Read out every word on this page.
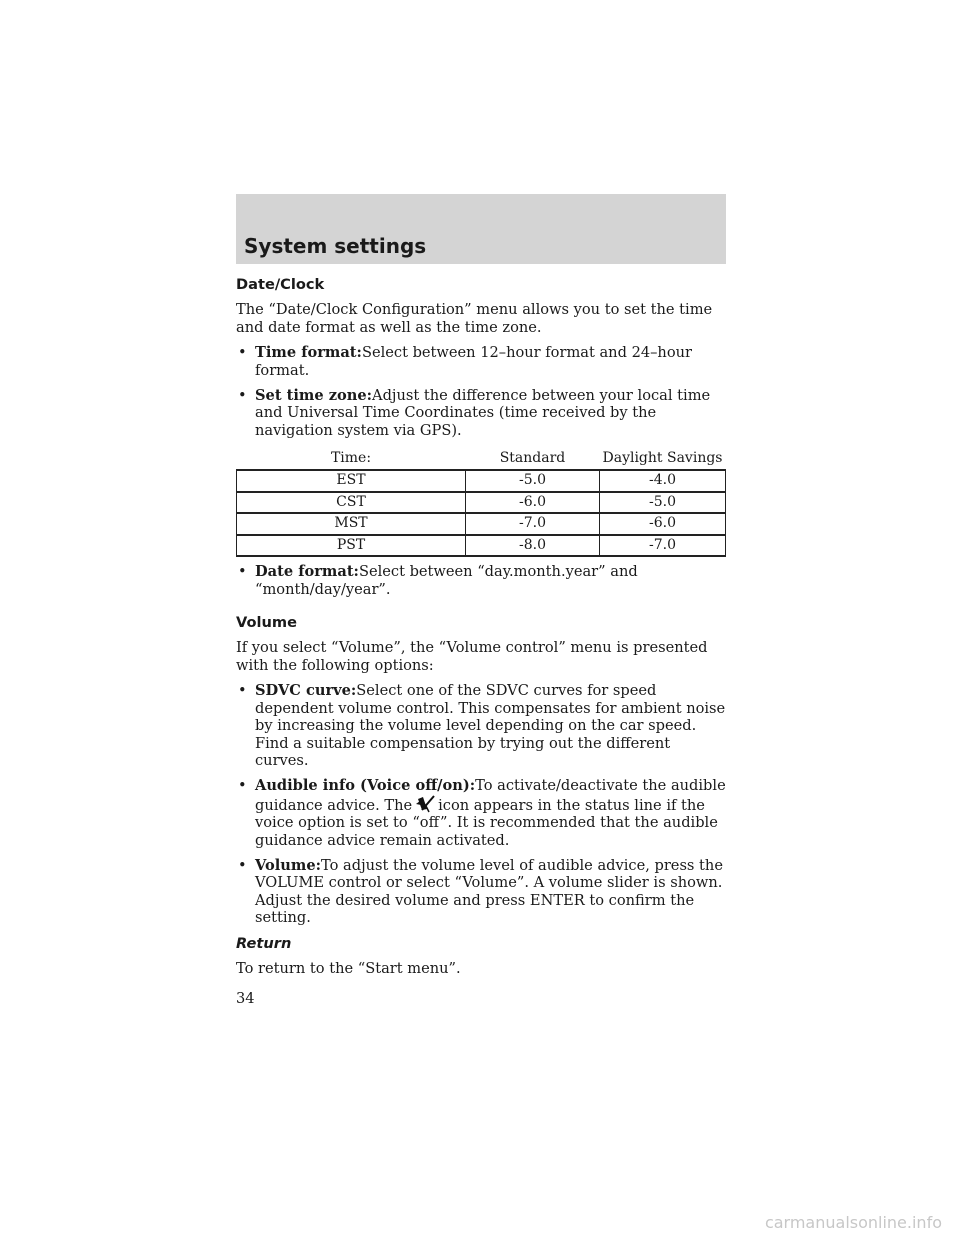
System settings
Date/Clock

The “Date/Clock Configuration” menu allows you to set the time and date format as well as the time zone.

• Time format:Select between 12–hour format and 24–hour format.
• Set time zone:Adjust the difference between your local time and Universal Time Coordinates (time received by the navigation system via GPS).
Time:	Standard	Daylight Savings
EST	-5.0	-4.0
CST	-6.0	-5.0
MST	-7.0	-6.0
PST	-8.0	-7.0
• Date format:Select between “day.month.year” and “month/day/year”.
Volume

If you select “Volume”, the “Volume control” menu is presented with the following options:

• SDVC curve:Select one of the SDVC curves for speed dependent volume control. This compensates for ambient noise by increasing the volume level depending on the car speed. Find a suitable compensation by trying out the different curves.
• Audible info (Voice off/on):To activate/deactivate the audible guidance advice. The icon appears in the status line if the voice option is set to “off”. It is recommended that the audible guidance advice remain activated.
• Volume:To adjust the volume level of audible advice, press the VOLUME control or select “Volume”. A volume slider is shown. Adjust the desired volume and press ENTER to confirm the setting.
Return

To return to the “Start menu”.

34
carmanualsonline.info
